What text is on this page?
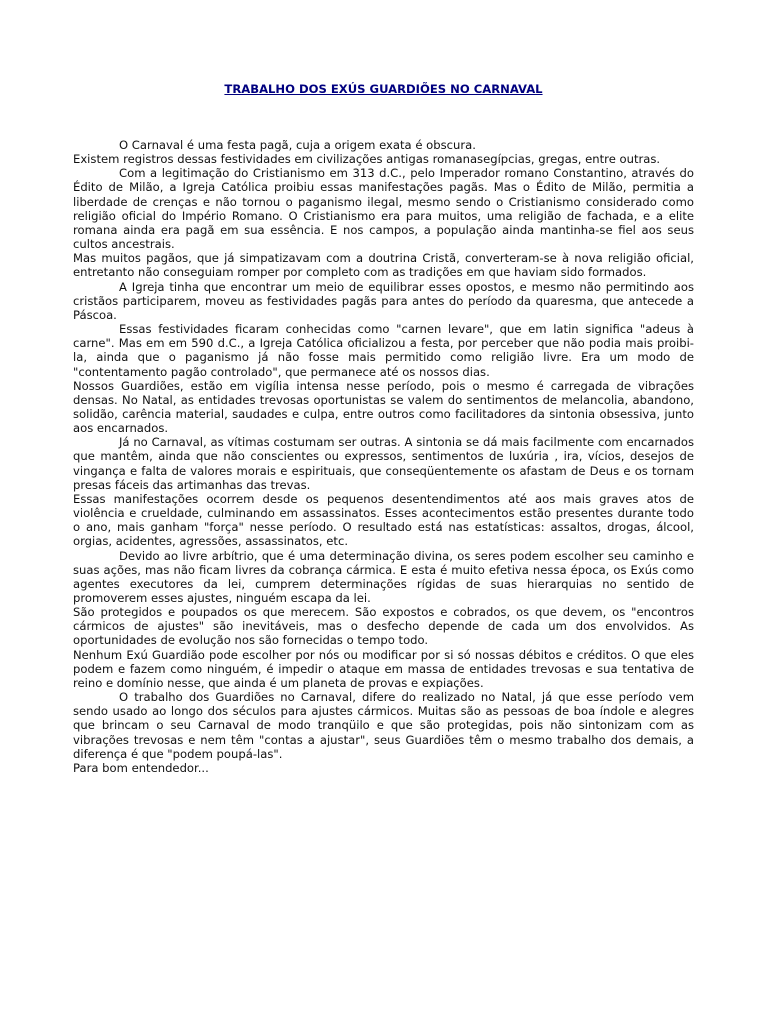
TRABALHO DOS EXÚS GUARDIÕES NO CARNAVAL

O Carnaval é uma festa pagã, cuja a origem exata é obscura.

Existem registros dessas festividades em civilizações antigas romanasegípcias, gregas, entre outras.

Com a legitimação do Cristianismo em 313 d.C., pelo Imperador romano Constantino, através do Édito de Milão, a Igreja Católica proibiu essas manifestações pagãs. Mas o Édito de Milão, permitia a liberdade de crenças e não tornou o paganismo ilegal, mesmo sendo o Cristianismo considerado como religião oficial do Império Romano. O Cristianismo era para muitos, uma religião de fachada, e a elite romana ainda era pagã em sua essência. E nos campos, a população ainda mantinha-se fiel aos seus cultos ancestrais.

Mas muitos pagãos, que já simpatizavam com a doutrina Cristã, converteram-se à nova religião oficial, entretanto não conseguiam romper por completo com as tradições em que haviam sido formados.

A Igreja tinha que encontrar um meio de equilibrar esses opostos, e mesmo não permitindo aos cristãos participarem, moveu as festividades pagãs para antes do período da quaresma, que antecede a Páscoa.

Essas festividades ficaram conhecidas como "carnen levare", que em latin significa "adeus à carne". Mas em em 590 d.C., a Igreja Católica oficializou a festa, por perceber que não podia mais proibi-la, ainda que o paganismo já não fosse mais permitido como religião livre. Era um modo de "contentamento pagão controlado", que permanece até os nossos dias.

Nossos Guardiões, estão em vigília intensa nesse período, pois o mesmo é carregada de vibrações densas. No Natal, as entidades trevosas oportunistas se valem do sentimentos de melancolia, abandono, solidão, carência material, saudades e culpa, entre outros como facilitadores da sintonia obsessiva, junto aos encarnados.

Já no Carnaval, as vítimas costumam ser outras. A sintonia se dá mais facilmente com encarnados que mantêm, ainda que não conscientes ou expressos, sentimentos de luxúria , ira, vícios, desejos de vingança e falta de valores morais e espirituais, que conseqüentemente os afastam de Deus e os tornam presas fáceis das artimanhas das trevas.

Essas manifestações ocorrem desde os pequenos desentendimentos até aos mais graves atos de violência e crueldade, culminando em assassinatos. Esses acontecimentos estão presentes durante todo o ano, mais ganham "força" nesse período. O resultado está nas estatísticas: assaltos, drogas, álcool, orgias, acidentes, agressões, assassinatos, etc.

Devido ao livre arbítrio, que é uma determinação divina, os seres podem escolher seu caminho e suas ações, mas não ficam livres da cobrança cármica. E esta é muito efetiva nessa época, os Exús como agentes executores da lei, cumprem determinações rígidas de suas hierarquias no sentido de promoverem esses ajustes, ninguém escapa da lei.

São protegidos e poupados os que merecem. São expostos e cobrados, os que devem, os "encontros cármicos de ajustes" são inevitáveis, mas o desfecho depende de cada um dos envolvidos. As oportunidades de evolução nos são fornecidas o tempo todo.

Nenhum Exú Guardião pode escolher por nós ou modificar por si só nossas débitos e créditos. O que eles podem e fazem como ninguém, é impedir o ataque em massa de entidades trevosas e sua tentativa de reino e domínio nesse, que ainda é um planeta de provas e expiações.

O trabalho dos Guardiões no Carnaval, difere do realizado no Natal, já que esse período vem sendo usado ao longo dos séculos para ajustes cármicos. Muitas são as pessoas de boa índole e alegres que brincam o seu Carnaval de modo tranqüilo e que são protegidas, pois não sintonizam com as vibrações trevosas e nem têm "contas a ajustar", seus Guardiões têm o mesmo trabalho dos demais, a diferença é que "podem poupá-las".

Para bom entendedor...
